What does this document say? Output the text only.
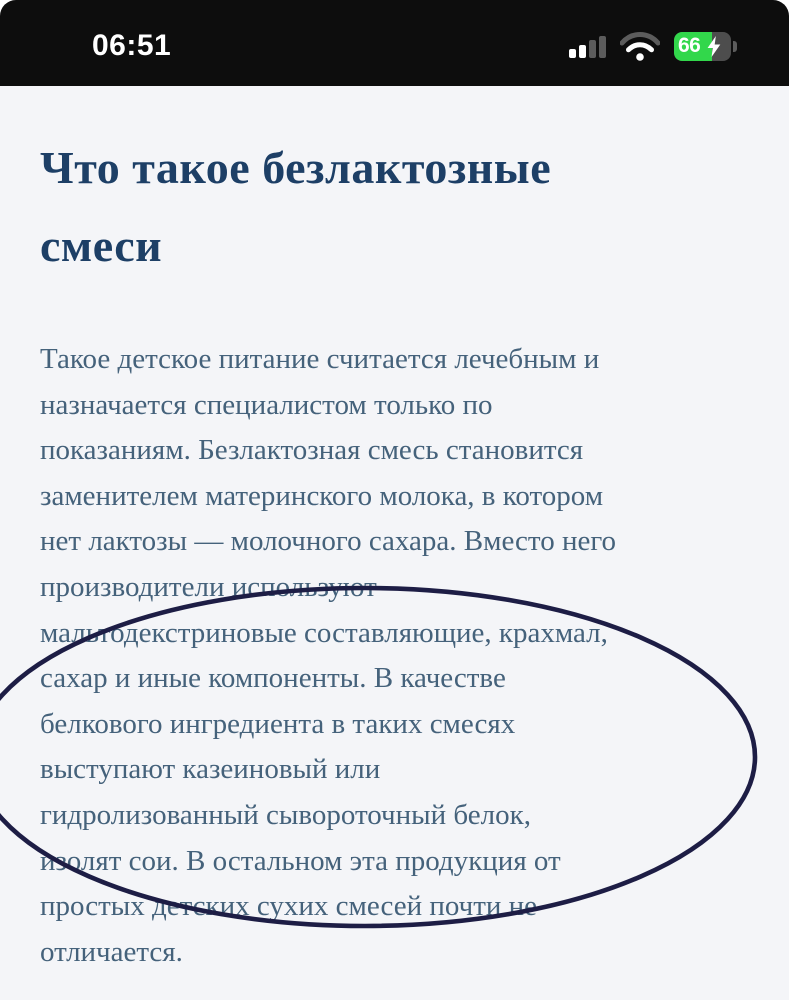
06:51	66
Что такое безлактозные
смеси
Такое детское питание считается лечебным и
назначается специалистом только по
показаниям. Безлактозная смесь становится
заменителем материнского молока, в котором
нет лактозы — молочного сахара. Вместо него
производители используют
мальтодекстриновые составляющие, крахмал,
сахар и иные компоненты. В качестве
белкового ингредиента в таких смесях
выступают казеиновый или
гидролизованный сывороточный белок,
изолят сои. В остальном эта продукция от
простых детских сухих смесей почти не
отличается.
